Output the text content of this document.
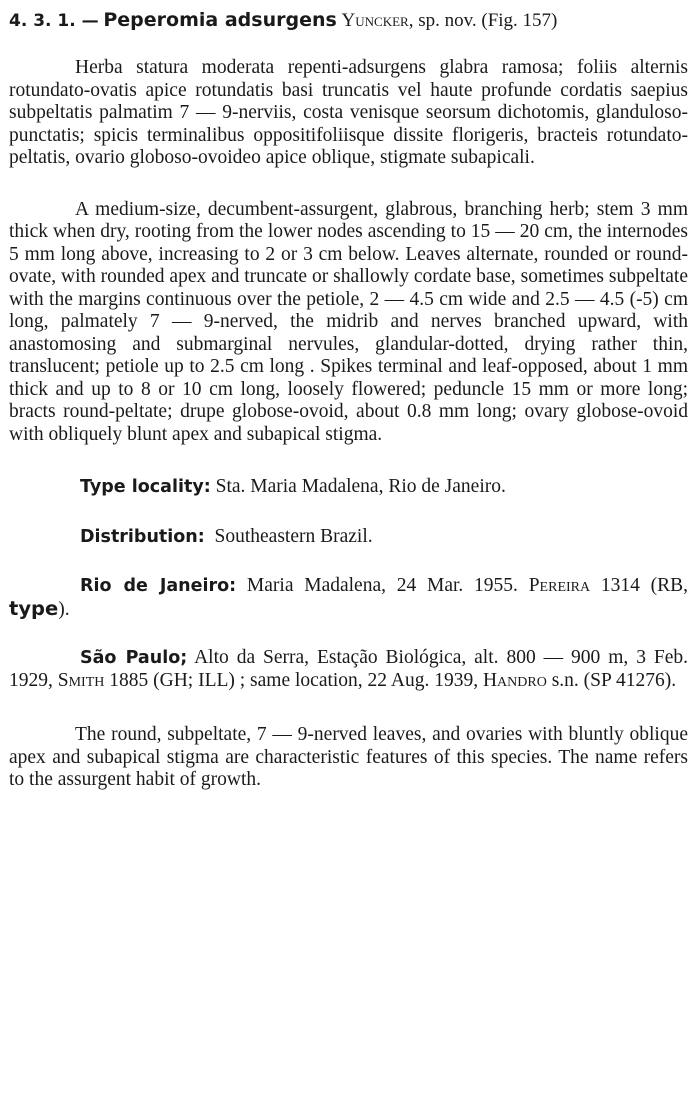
4. 3. 1. — Peperomia adsurgens Yuncker, sp. nov. (Fig. 157)

Herba statura moderata repenti-adsurgens glabra ramosa; foliis alternis rotundato-ovatis apice rotundatis basi truncatis vel haute profunde cordatis saepius subpeltatis palmatim 7 — 9-nerviis, costa venisque seorsum dichotomis, glanduloso-punctatis; spicis terminalibus oppositifoliisque dissite florigeris, bracteis rotundato-peltatis, ovario globoso-ovoideo apice oblique, stigmate subapicali.

A medium-size, decumbent-assurgent, glabrous, branching herb; stem 3 mm thick when dry, rooting from the lower nodes ascending to 15 — 20 cm, the internodes 5 mm long above, increasing to 2 or 3 cm below. Leaves alternate, rounded or round-ovate, with rounded apex and truncate or shallowly cordate base, sometimes subpeltate with the margins continuous over the petiole, 2 — 4.5 cm wide and 2.5 — 4.5 (-5) cm long, palmately 7 — 9-nerved, the midrib and nerves branched upward, with anastomosing and submarginal nervules, glandular-dotted, drying rather thin, translucent; petiole up to 2.5 cm long . Spikes terminal and leaf-opposed, about 1 mm thick and up to 8 or 10 cm long, loosely flowered; peduncle 15 mm or more long; bracts round-peltate; drupe globose-ovoid, about 0.8 mm long; ovary globose-ovoid with obliquely blunt apex and subapical stigma.

Type locality: Sta. Maria Madalena, Rio de Janeiro.

Distribution: Southeastern Brazil.

Rio de Janeiro: Maria Madalena, 24 Mar. 1955. Pereira 1314 (RB, type).

São Paulo; Alto da Serra, Estação Biológica, alt. 800 — 900 m, 3 Feb. 1929, Smith 1885 (GH; ILL) ; same location, 22 Aug. 1939, Handro s.n. (SP 41276).

The round, subpeltate, 7 — 9-nerved leaves, and ovaries with bluntly oblique apex and subapical stigma are characteristic features of this species. The name refers to the assurgent habit of growth.
